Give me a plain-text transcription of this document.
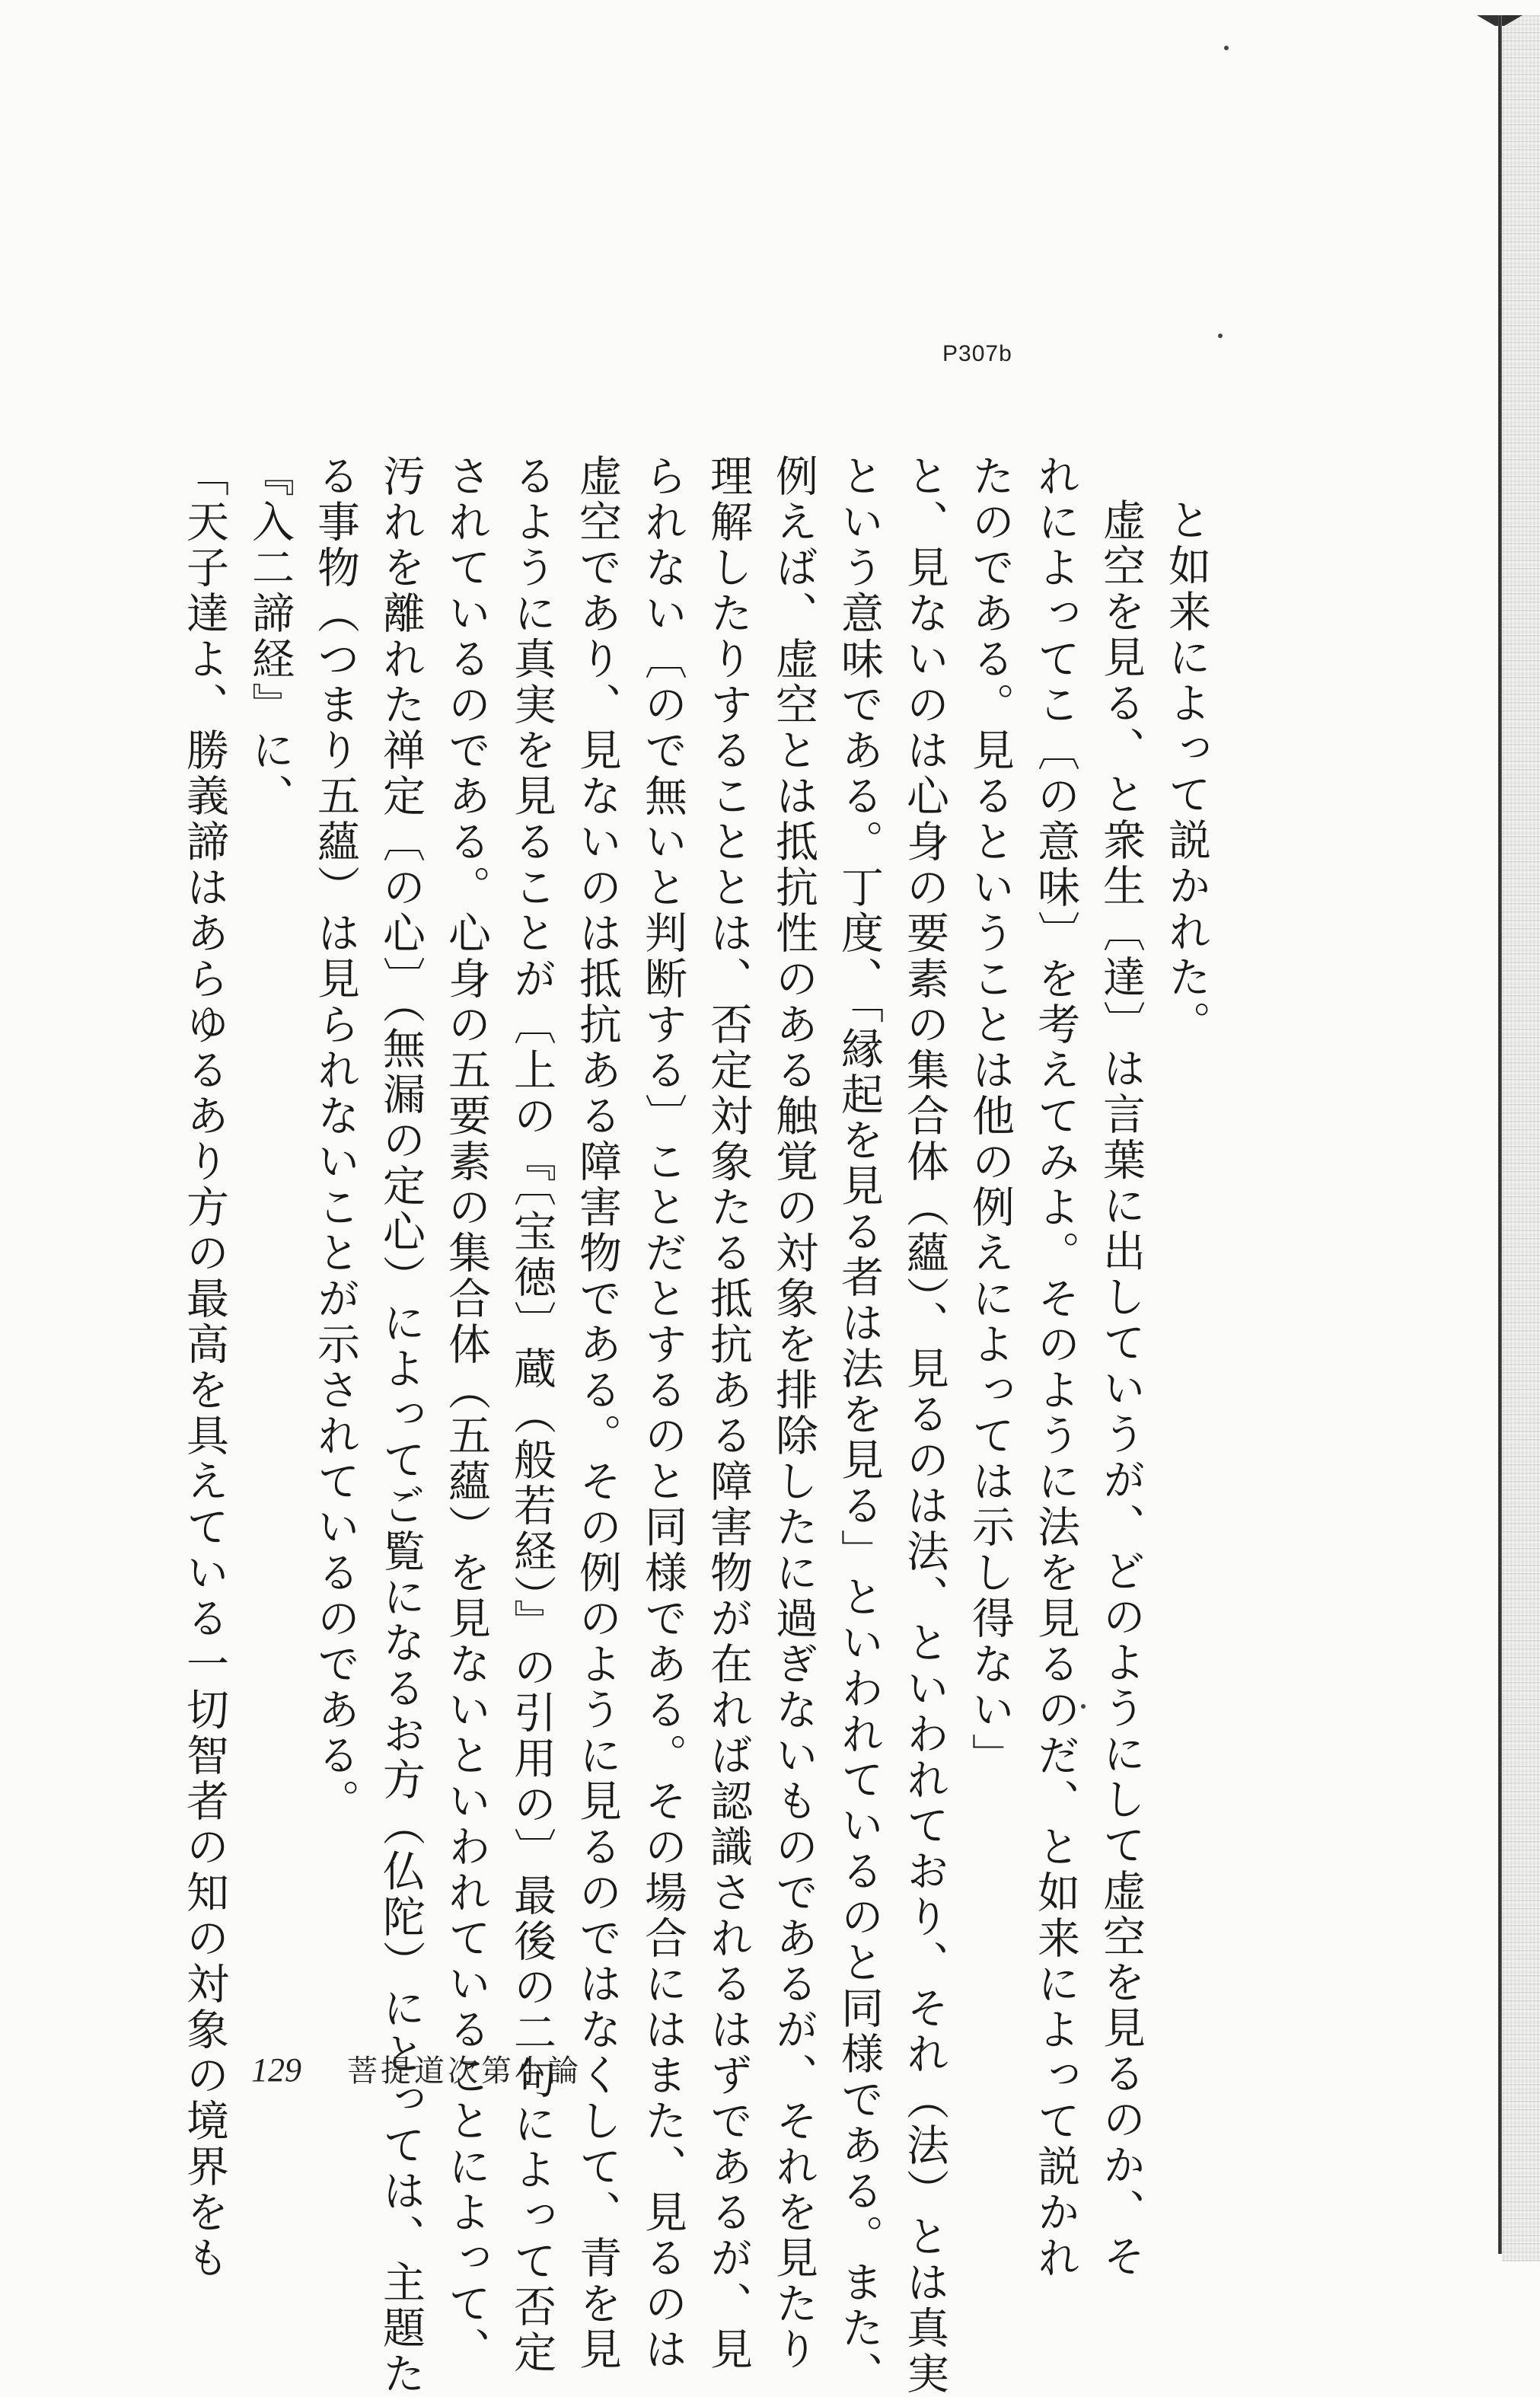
P307b
と如来によって説かれた。
虚空を見る、と衆生〔達〕は言葉に出していうが、どのようにして虚空を見るのか、そ
れによってこ〔の意味〕を考えてみよ。そのように法を見るのだ、と如来によって説かれ
たのである。見るということは他の例えによっては示し得ない」
と、見ないのは心身の要素の集合体（蘊）、見るのは法、といわれており、それ（法）とは真実
という意味である。丁度、「縁起を見る者は法を見る」といわれているのと同様である。また、
例えば、虚空とは抵抗性のある触覚の対象を排除したに過ぎないものであるが、それを見たり
理解したりすることとは、否定対象たる抵抗ある障害物が在れば認識されるはずであるが、見
られない〔ので無いと判断する〕ことだとするのと同様である。その場合にはまた、見るのは
虚空であり、見ないのは抵抗ある障害物である。その例のように見るのではなくして、青を見
るように真実を見ることが〔上の『〔宝徳〕蔵（般若経）』の引用の〕最後の二句によって否定
されているのである。心身の五要素の集合体（五蘊）を見ないといわれていることによって、
汚れを離れた禅定〔の心〕（無漏の定心）によってご覧になるお方（仏陀）にとっては、主題た
る事物（つまり五蘊）は見られないことが示されているのである。
『入二諦経』に、
「天子達よ、勝義諦はあらゆるあり方の最高を具えている一切智者の知の対象の境界をも 129 菩提道次第小論
